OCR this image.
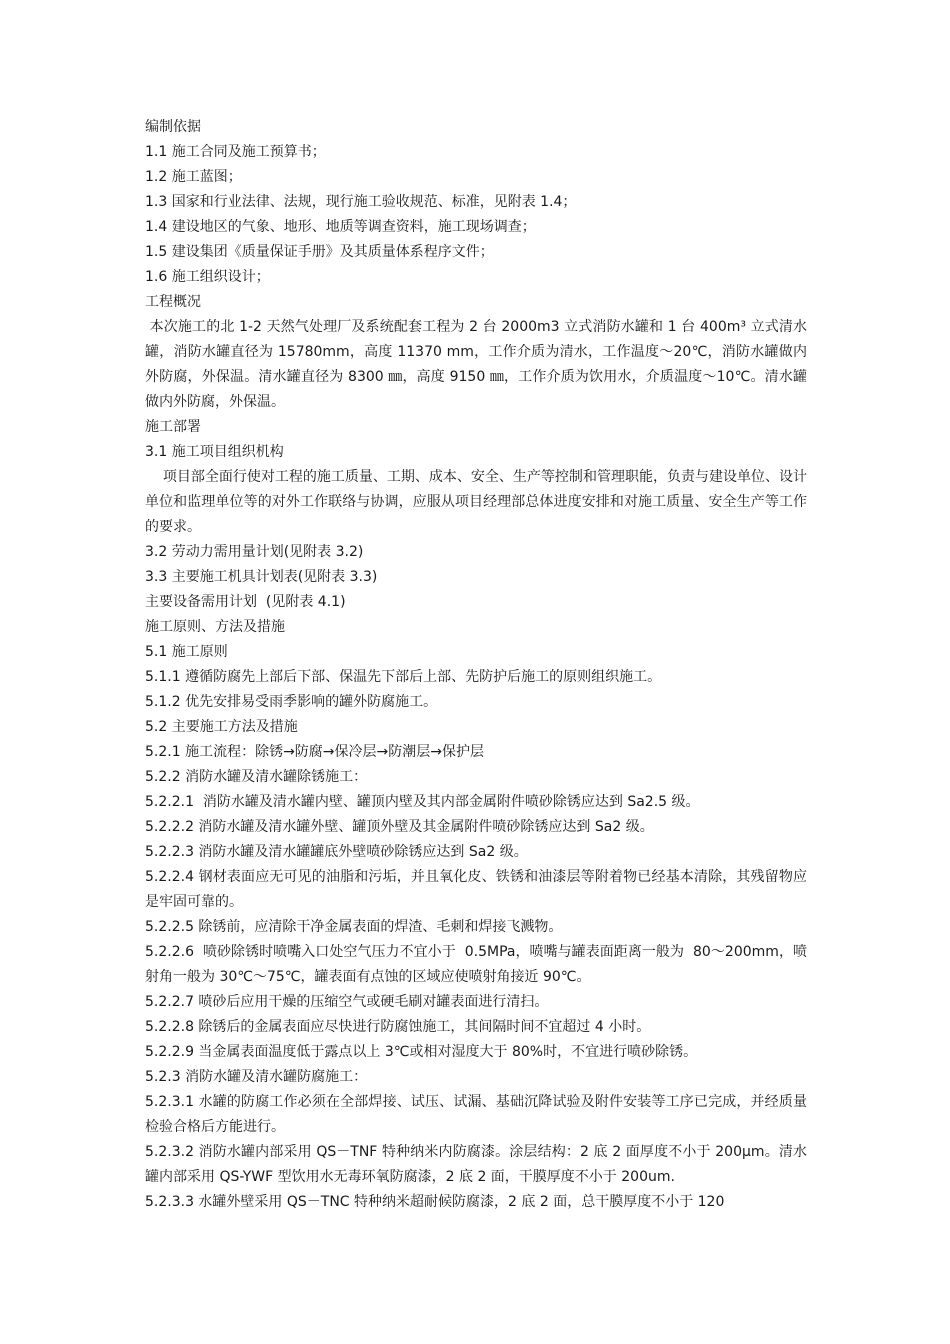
编制依据
1.1 施工合同及施工预算书；
1.2 施工蓝图；
1.3 国家和行业法律、法规，现行施工验收规范、标准，见附表 1.4；
1.4 建设地区的气象、地形、地质等调查资料，施工现场调查；
1.5 建设集团《质量保证手册》及其质量体系程序文件；
1.6 施工组织设计；
工程概况
本次施工的北 1-2 天然气处理厂及系统配套工程为 2 台 2000m3 立式消防水罐和 1 台 400m³ 立式清水罐，消防水罐直径为 15780mm，高度 11370 mm，工作介质为清水，工作温度～20℃，消防水罐做内外防腐，外保温。清水罐直径为 8300 ㎜，高度 9150 ㎜，工作介质为饮用水，介质温度～10℃。清水罐做内外防腐，外保温。
施工部署
3.1 施工项目组织机构
项目部全面行使对工程的施工质量、工期、成本、安全、生产等控制和管理职能，负责与建设单位、设计单位和监理单位等的对外工作联络与协调，应服从项目经理部总体进度安排和对施工质量、安全生产等工作的要求。
3.2 劳动力需用量计划(见附表 3.2)
3.3 主要施工机具计划表(见附表 3.3)
主要设备需用计划  (见附表 4.1)
施工原则、方法及措施
5.1 施工原则
5.1.1 遵循防腐先上部后下部、保温先下部后上部、先防护后施工的原则组织施工。
5.1.2 优先安排易受雨季影响的罐外防腐施工。
5.2 主要施工方法及措施
5.2.1 施工流程：除锈→防腐→保冷层→防潮层→保护层
5.2.2 消防水罐及清水罐除锈施工：
5.2.2.1  消防水罐及清水罐内壁、罐顶内壁及其内部金属附件喷砂除锈应达到 Sa2.5 级。
5.2.2.2 消防水罐及清水罐外壁、罐顶外壁及其金属附件喷砂除锈应达到 Sa2 级。
5.2.2.3 消防水罐及清水罐罐底外壁喷砂除锈应达到 Sa2 级。
5.2.2.4 钢材表面应无可见的油脂和污垢，并且氧化皮、铁锈和油漆层等附着物已经基本清除，其残留物应是牢固可靠的。
5.2.2.5 除锈前，应清除干净金属表面的焊渣、毛刺和焊接飞溅物。
5.2.2.6  喷砂除锈时喷嘴入口处空气压力不宜小于  0.5MPa，喷嘴与罐表面距离一般为  80～200mm，喷射角一般为 30℃～75℃，罐表面有点蚀的区域应使喷射角接近 90℃。
5.2.2.7 喷砂后应用干燥的压缩空气或硬毛刷对罐表面进行清扫。
5.2.2.8 除锈后的金属表面应尽快进行防腐蚀施工，其间隔时间不宜超过 4 小时。
5.2.2.9 当金属表面温度低于露点以上 3℃或相对湿度大于 80%时，不宜进行喷砂除锈。
5.2.3 消防水罐及清水罐防腐施工：
5.2.3.1 水罐的防腐工作必须在全部焊接、试压、试漏、基础沉降试验及附件安装等工序已完成，并经质量检验合格后方能进行。
5.2.3.2 消防水罐内部采用 QS－TNF 特种纳米内防腐漆。涂层结构：2 底 2 面厚度不小于 200μm。清水罐内部采用 QS-YWF 型饮用水无毒环氧防腐漆，2 底 2 面，干膜厚度不小于 200um.
5.2.3.3 水罐外壁采用 QS－TNC 特种纳米超耐候防腐漆，2 底 2 面，总干膜厚度不小于 120
